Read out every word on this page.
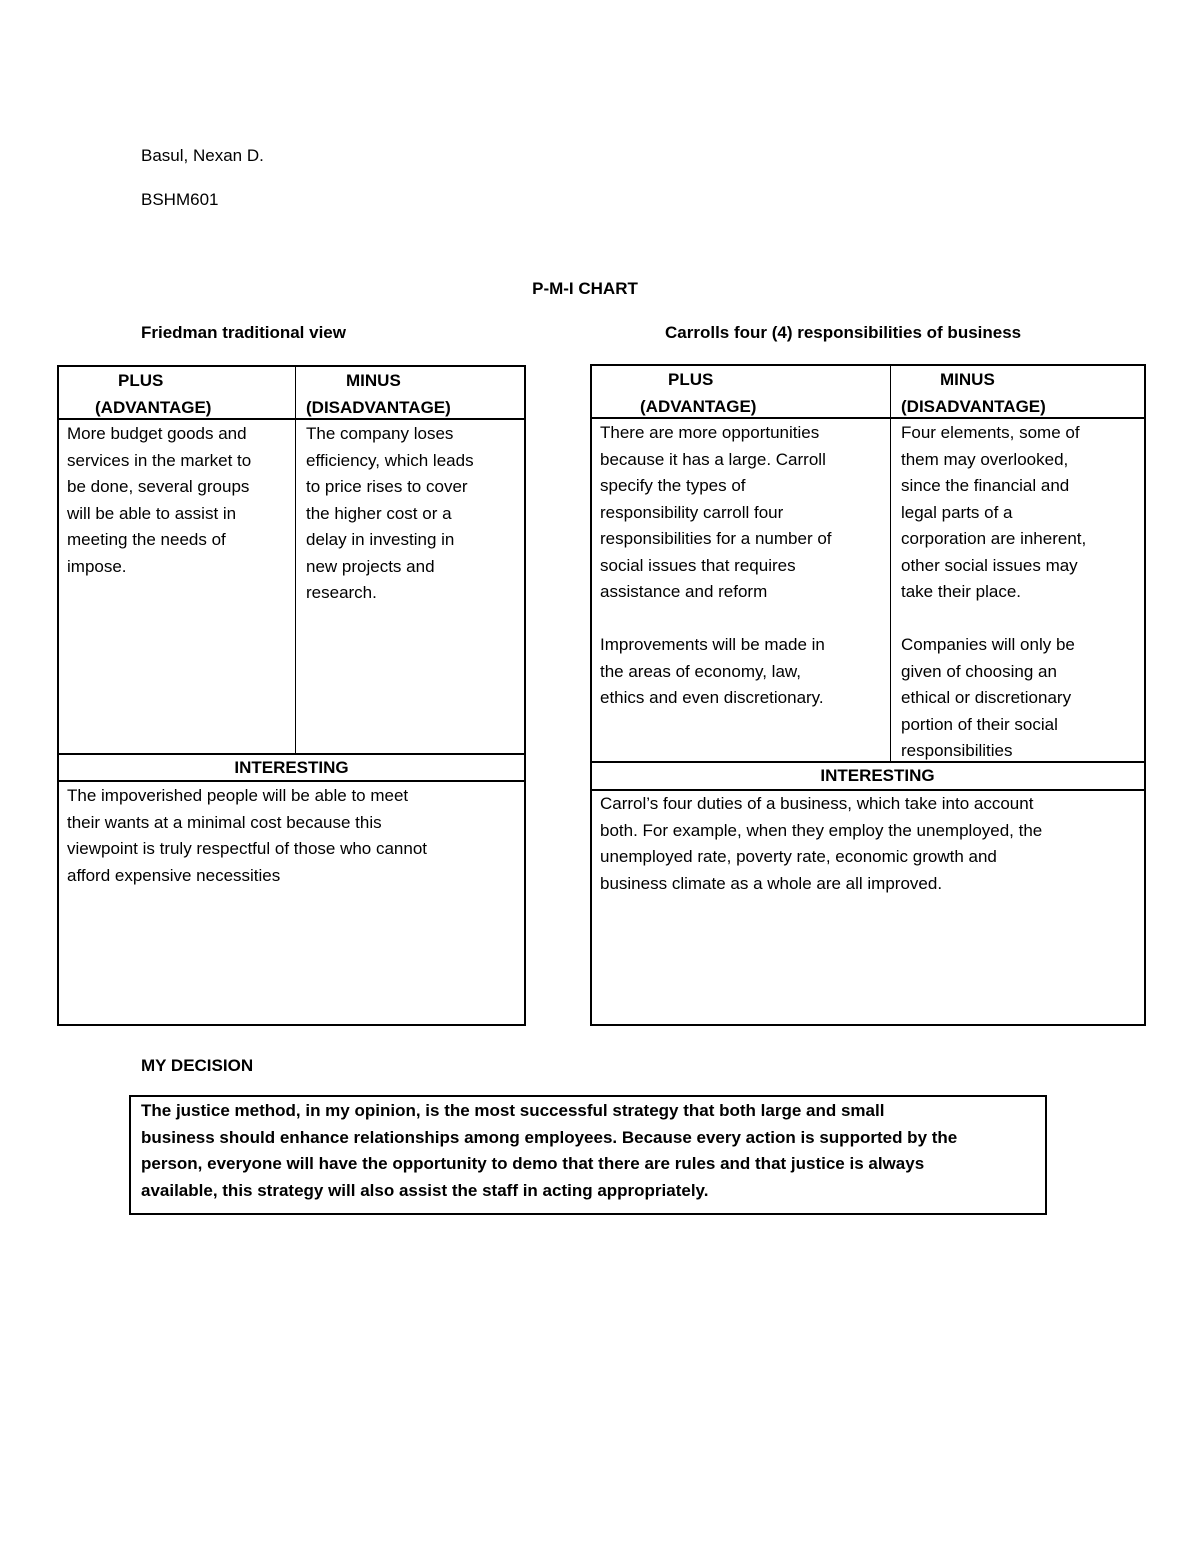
Basul, Nexan D.
BSHM601
P-M-I CHART
Friedman traditional view
PLUS
(ADVANTAGE)
MINUS
(DISADVANTAGE)
More budget goods and
services in the market to
be done, several groups
will be able to assist in
meeting the needs of
impose.
The company loses
efficiency, which leads
to price rises to cover
the higher cost or a
delay in investing in
new projects and
research.
INTERESTING
The impoverished people will be able to meet
their wants at a minimal cost because this
viewpoint is truly respectful of those who cannot
afford expensive necessities
Carrolls four (4) responsibilities of business
PLUS
(ADVANTAGE)
MINUS
(DISADVANTAGE)
There are more opportunities
because it has a large. Carroll
specify the types of
responsibility carroll four
responsibilities for a number of
social issues that requires
assistance and reform
Improvements will be made in
the areas of economy, law,
ethics and even discretionary.
Four elements, some of
them may overlooked,
since the financial and
legal parts of a
corporation are inherent,
other social issues may
take their place.
Companies will only be
given of choosing an
ethical or discretionary
portion of their social
responsibilities
INTERESTING
Carrol’s four duties of a business, which take into account
both. For example, when they employ the unemployed, the
unemployed rate, poverty rate, economic growth and
business climate as a whole are all improved.
MY DECISION
The justice method, in my opinion, is the most successful strategy that both large and small
business should enhance relationships among employees. Because every action is supported by the
person, everyone will have the opportunity to demo that there are rules and that justice is always
available, this strategy will also assist the staff in acting appropriately.
